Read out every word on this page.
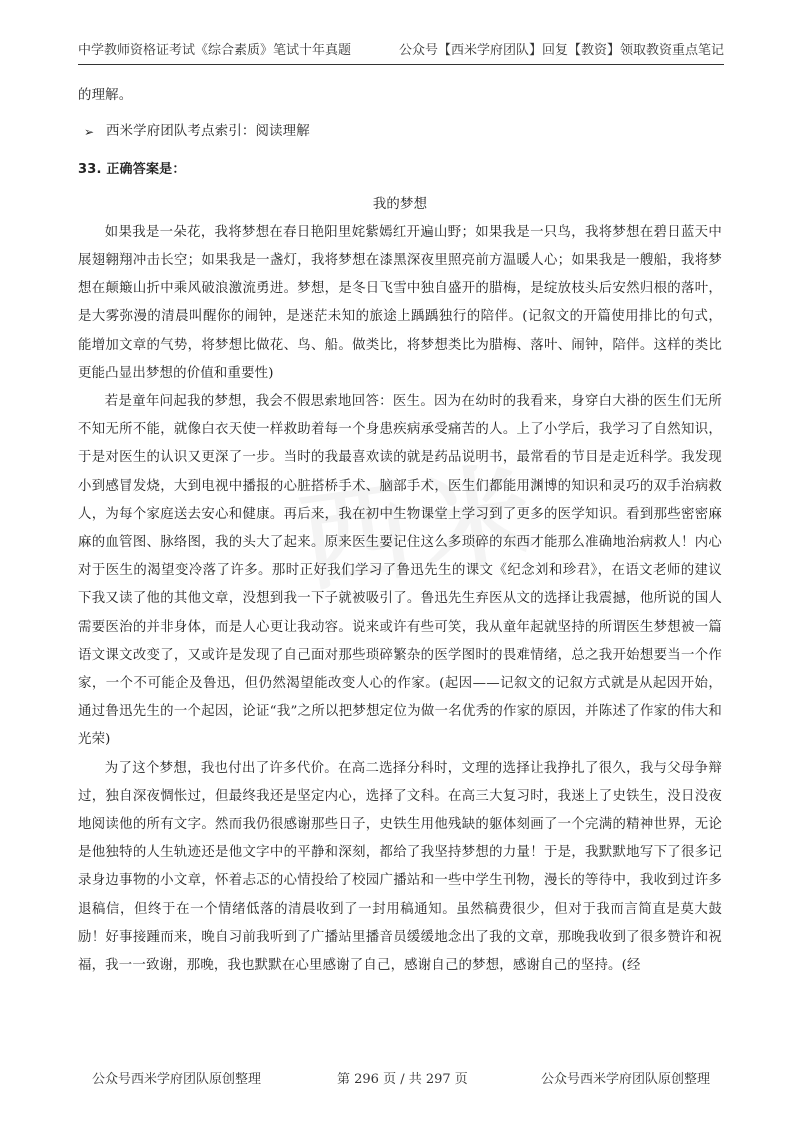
中学教师资格证考试《综合素质》笔试十年真题	公众号【西米学府团队】回复【教资】领取教资重点笔记

的理解。

➢ 西米学府团队考点索引：阅读理解

33. 正确答案是：

我的梦想

如果我是一朵花，我将梦想在春日艳阳里姹紫嫣红开遍山野；如果我是一只鸟，我将梦想在碧日蓝天中展翅翱翔冲击长空；如果我是一盏灯，我将梦想在漆黑深夜里照亮前方温暖人心；如果我是一艘船，我将梦想在颠簸山折中乘风破浪激流勇进。梦想，是冬日飞雪中独自盛开的腊梅，是绽放枝头后安然归根的落叶，是大雾弥漫的清晨叫醒你的闹钟，是迷茫未知的旅途上踽踽独行的陪伴。(记叙文的开篇使用排比的句式，能增加文章的气势，将梦想比做花、鸟、船。做类比，将梦想类比为腊梅、落叶、闹钟，陪伴。这样的类比更能凸显出梦想的价值和重要性)

若是童年问起我的梦想，我会不假思索地回答：医生。因为在幼时的我看来，身穿白大褂的医生们无所不知无所不能，就像白衣天使一样救助着每一个身患疾病承受痛苦的人。上了小学后，我学习了自然知识，于是对医生的认识又更深了一步。当时的我最喜欢读的就是药品说明书，最常看的节目是走近科学。我发现小到感冒发烧，大到电视中播报的心脏搭桥手术、脑部手术，医生们都能用渊博的知识和灵巧的双手治病救人，为每个家庭送去安心和健康。再后来，我在初中生物课堂上学习到了更多的医学知识。看到那些密密麻麻的血管图、脉络图，我的头大了起来。原来医生要记住这么多琐碎的东西才能那么准确地治病救人！内心对于医生的渴望变冷落了许多。那时正好我们学习了鲁迅先生的课文《纪念刘和珍君》，在语文老师的建议下我又读了他的其他文章，没想到我一下子就被吸引了。鲁迅先生弃医从文的选择让我震撼，他所说的国人需要医治的并非身体，而是人心更让我动容。说来或许有些可笑，我从童年起就坚持的所谓医生梦想被一篇语文课文改变了，又或许是发现了自己面对那些琐碎繁杂的医学图时的畏难情绪，总之我开始想要当一个作家，一个不可能企及鲁迅，但仍然渴望能改变人心的作家。(起因——记叙文的记叙方式就是从起因开始，通过鲁迅先生的一个起因，论证“我”之所以把梦想定位为做一名优秀的作家的原因，并陈述了作家的伟大和光荣)

为了这个梦想，我也付出了许多代价。在高二选择分科时，文理的选择让我挣扎了很久，我与父母争辩过，独自深夜惆怅过，但最终我还是坚定内心，选择了文科。在高三大复习时，我迷上了史铁生，没日没夜地阅读他的所有文字。然而我仍很感谢那些日子，史铁生用他残缺的躯体刻画了一个完满的精神世界，无论是他独特的人生轨迹还是他文字中的平静和深刻，都给了我坚持梦想的力量！于是，我默默地写下了很多记录身边事物的小文章，怀着忐忑的心情投给了校园广播站和一些中学生刊物，漫长的等待中，我收到过许多退稿信，但终于在一个情绪低落的清晨收到了一封用稿通知。虽然稿费很少，但对于我而言简直是莫大鼓励！好事接踵而来，晚自习前我听到了广播站里播音员缓缓地念出了我的文章，那晚我收到了很多赞许和祝福，我一一致谢，那晚，我也默默在心里感谢了自己，感谢自己的梦想，感谢自己的坚持。(经

公众号西米学府团队原创整理	第 296 页 / 共 297 页	公众号西米学府团队原创整理
